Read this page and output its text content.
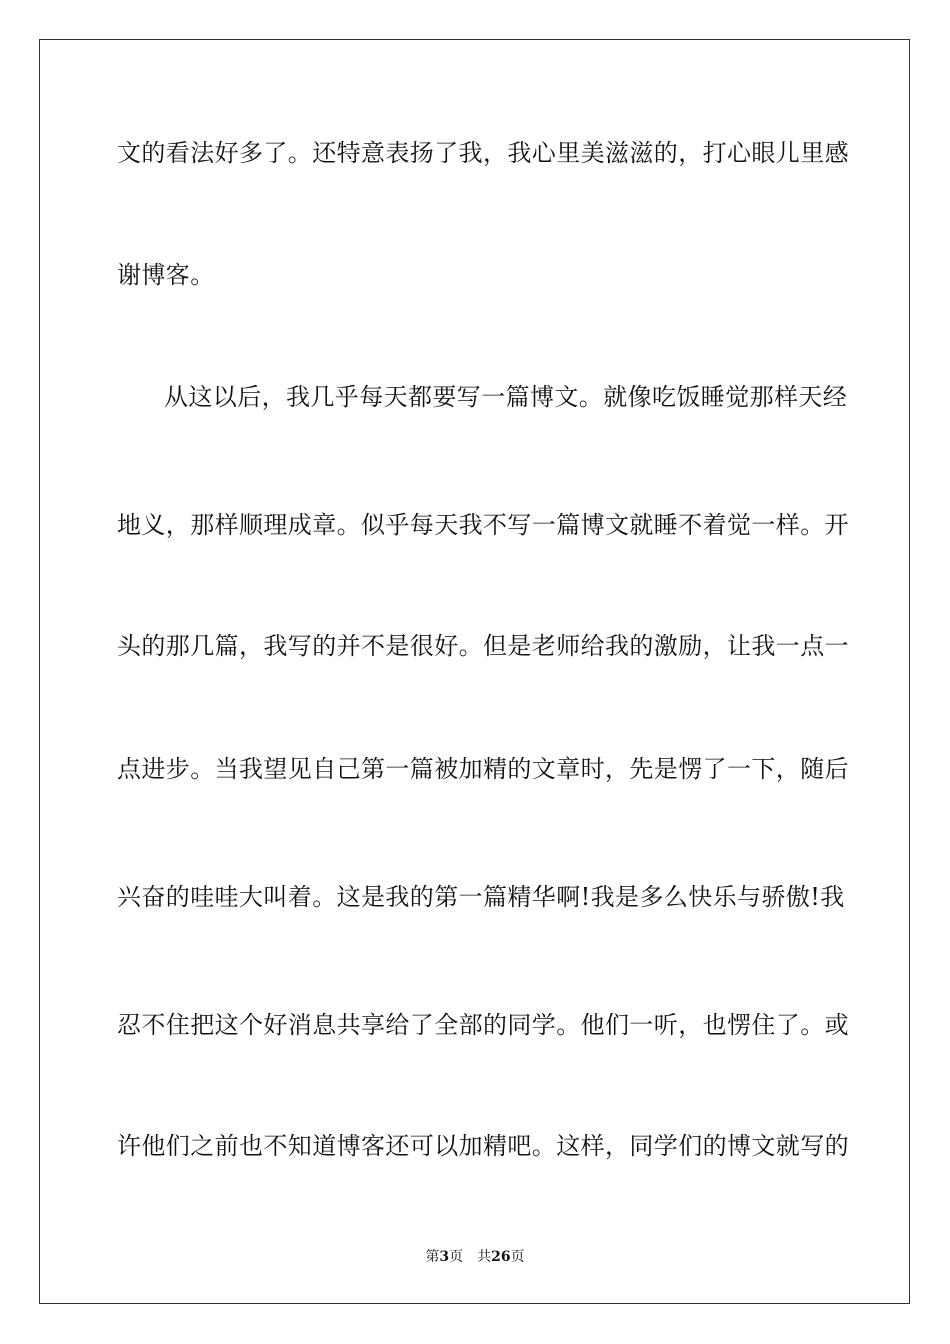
文的看法好多了。还特意表扬了我，我心里美滋滋的，打心眼儿里感
谢博客。
从这以后，我几乎每天都要写一篇博文。就像吃饭睡觉那样天经
地义，那样顺理成章。似乎每天我不写一篇博文就睡不着觉一样。开
头的那几篇，我写的并不是很好。但是老师给我的激励，让我一点一
点进步。当我望见自己第一篇被加精的文章时，先是愣了一下，随后
兴奋的哇哇大叫着。这是我的第一篇精华啊!我是多么快乐与骄傲!我
忍不住把这个好消息共享给了全部的同学。他们一听，也愣住了。或
许他们之前也不知道博客还可以加精吧。这样，同学们的博文就写的
第3页 共26页
